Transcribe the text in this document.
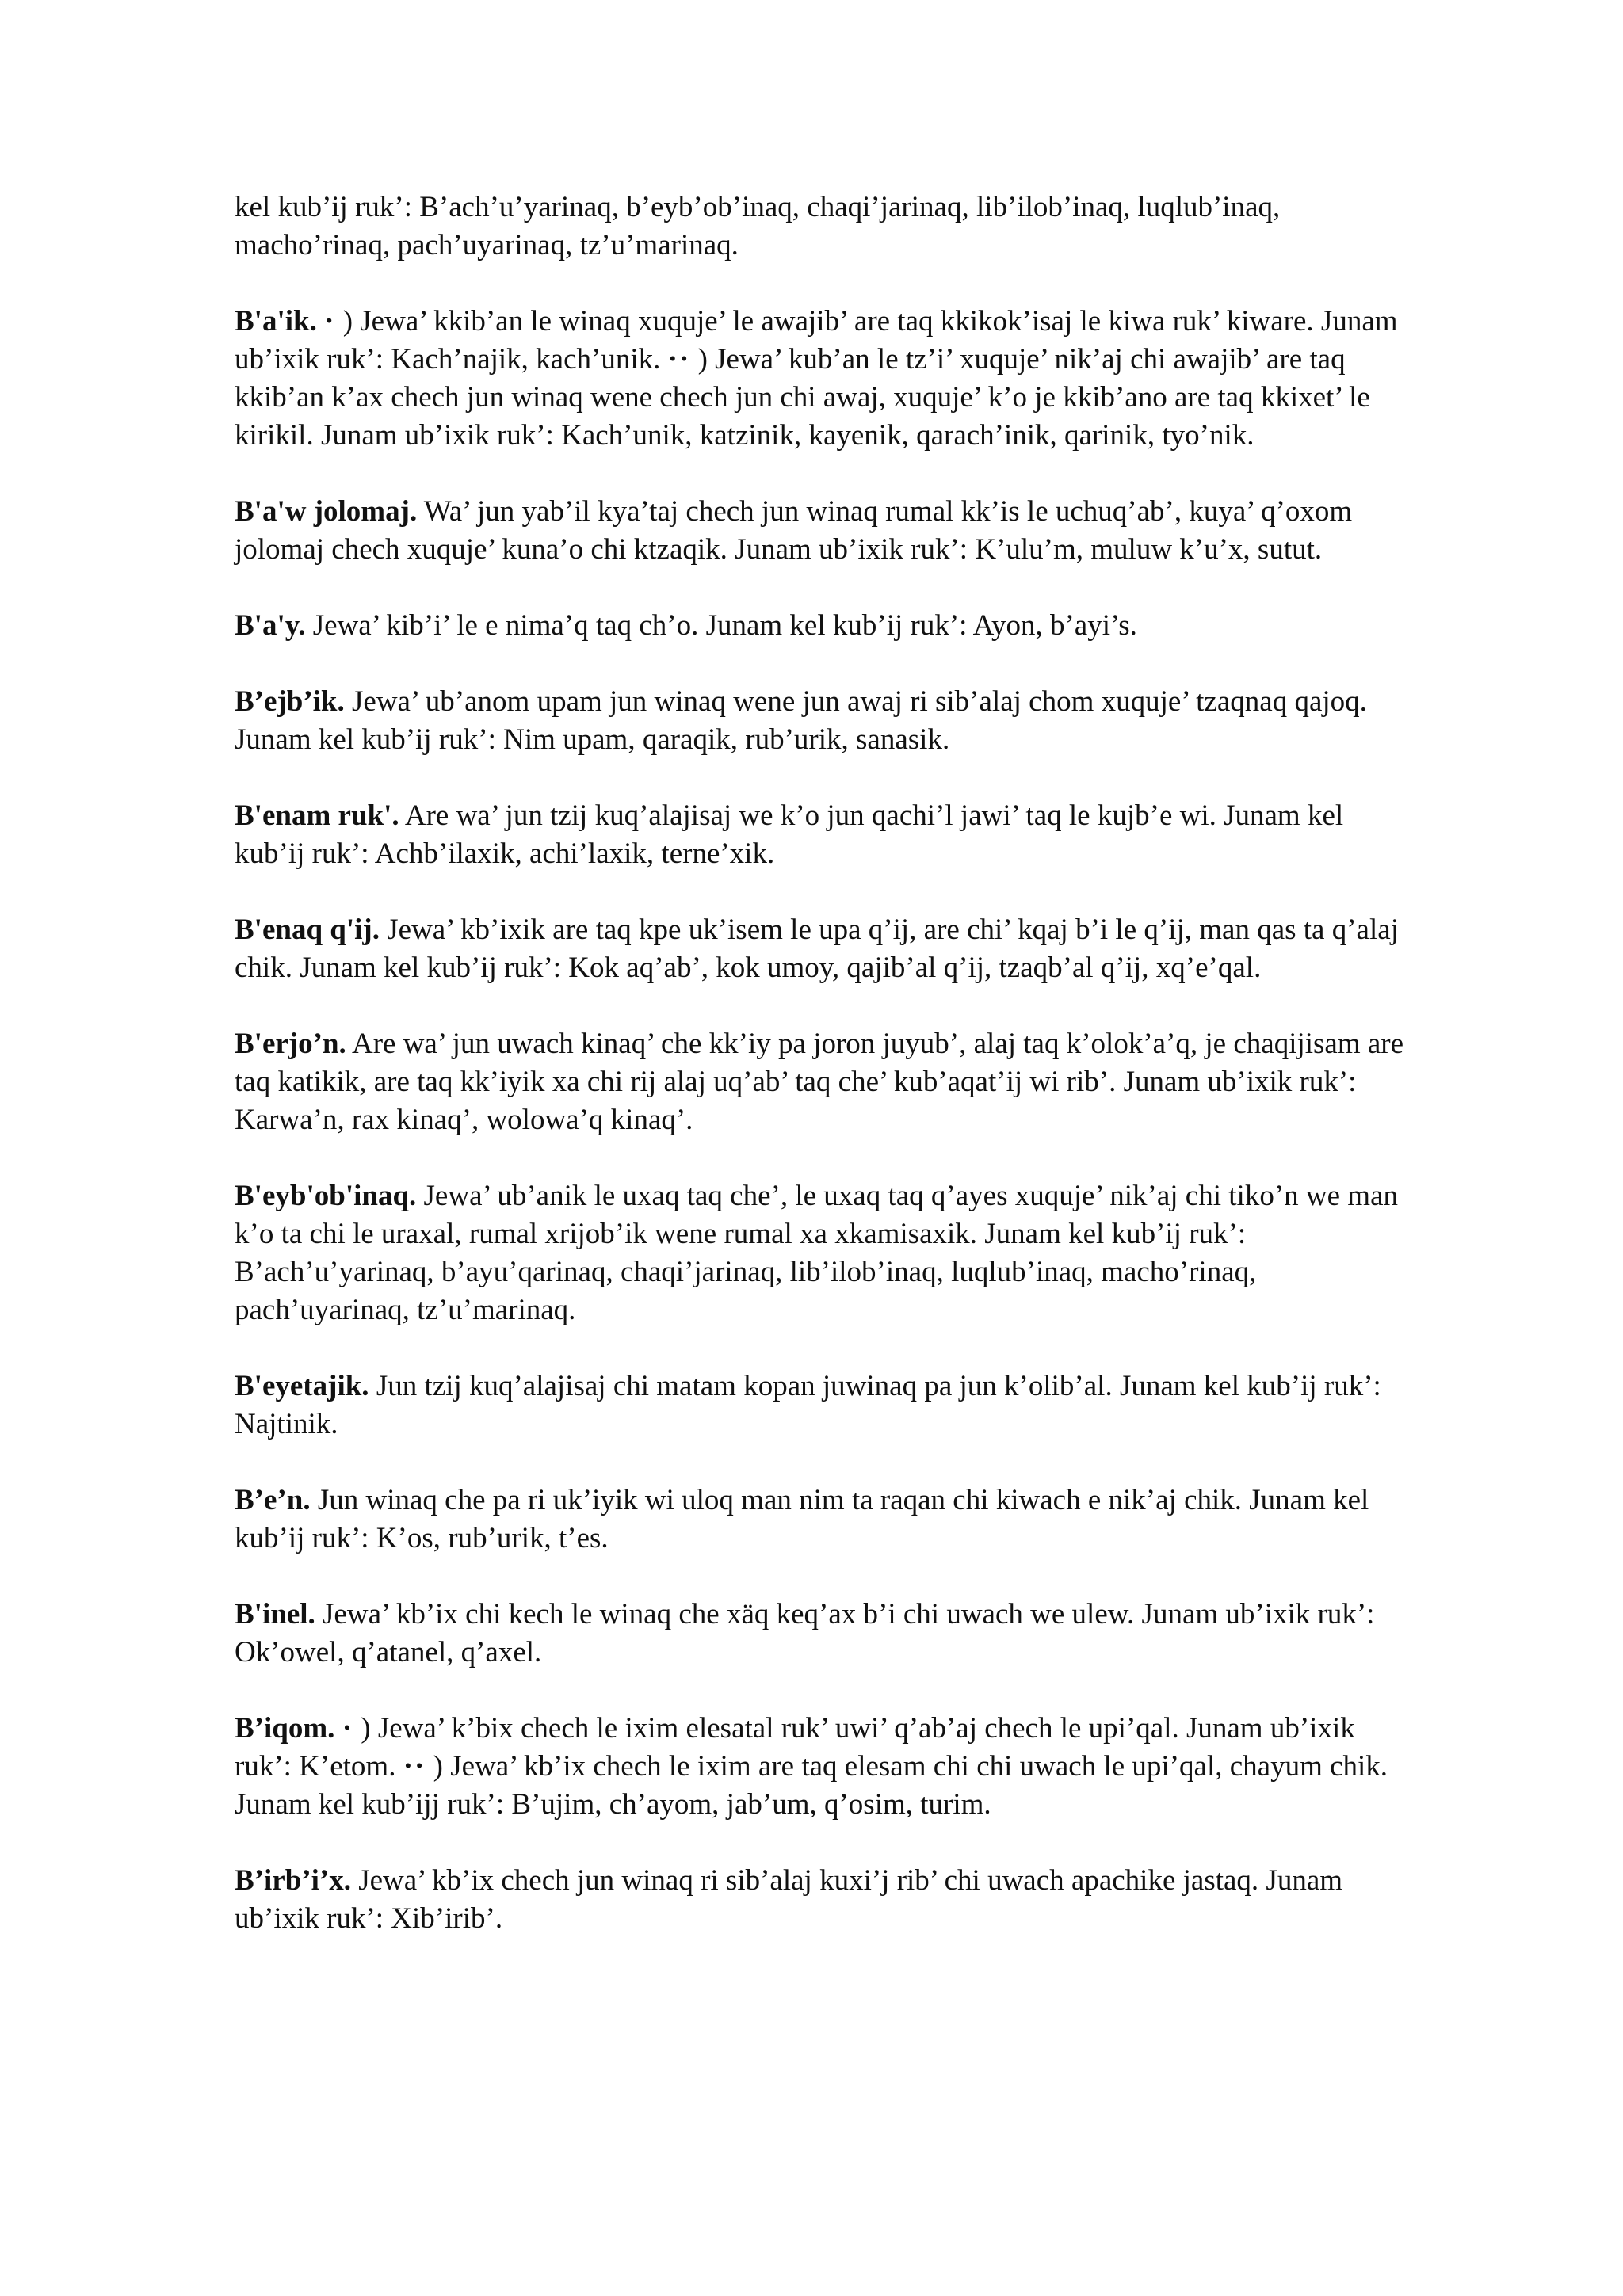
kel kub’ij ruk’: B’ach’u’yarinaq, b’eyb’ob’inaq, chaqi’jarinaq, lib’ilob’inaq, luqlub’inaq, macho’rinaq, pach’uyarinaq, tz’u’marinaq.

B'a'ik. · ) Jewa’ kkib’an le winaq xuquje’ le awajib’ are taq kkikok’isaj le kiwa ruk’ kiware. Junam ub’ixik ruk’: Kach’najik, kach’unik. ·· ) Jewa’ kub’an le tz’i’ xuquje’ nik’aj chi awajib’ are taq kkib’an k’ax chech jun winaq wene chech jun chi awaj, xuquje’ k’o je kkib’ano are taq kkixet’ le kirikil. Junam ub’ixik ruk’: Kach’unik, katzinik, kayenik, qarach’inik, qarinik, tyo’nik.

B'a'w jolomaj. Wa’ jun yab’il kya’taj chech jun winaq rumal kk’is le uchuq’ab’, kuya’ q’oxom jolomaj chech xuquje’ kuna’o chi ktzaqik. Junam ub’ixik ruk’: K’ulu’m, muluw k’u’x, sutut.

B'a'y. Jewa’ kib’i’ le e nima’q taq ch’o. Junam kel kub’ij ruk’: Ayon, b’ayi’s.

B’ejb’ik. Jewa’ ub’anom upam jun winaq wene jun awaj ri sib’alaj chom xuquje’ tzaqnaq qajoq. Junam kel kub’ij ruk’: Nim upam, qaraqik, rub’urik, sanasik.

B'enam ruk'. Are wa’ jun tzij kuq’alajisaj we k’o jun qachi’l jawi’ taq le kujb’e wi. Junam kel kub’ij ruk’: Achb’ilaxik, achi’laxik, terne’xik.

B'enaq q'ij. Jewa’ kb’ixik are taq kpe uk’isem le upa q’ij, are chi’ kqaj b’i le q’ij, man qas ta q’alaj chik. Junam kel kub’ij ruk’: Kok aq’ab’, kok umoy, qajib’al q’ij, tzaqb’al q’ij, xq’e’qal.

B'erjo’n. Are wa’ jun uwach kinaq’ che kk’iy pa joron juyub’, alaj taq k’olok’a’q, je chaqijisam are taq katikik, are taq kk’iyik xa chi rij alaj uq’ab’ taq che’ kub’aqat’ij wi rib’. Junam ub’ixik ruk’: Karwa’n, rax kinaq’, wolowa’q kinaq’.

B'eyb'ob'inaq. Jewa’ ub’anik le uxaq taq che’, le uxaq taq q’ayes xuquje’ nik’aj chi tiko’n we man k’o ta chi le uraxal, rumal xrijob’ik wene rumal xa xkamisaxik. Junam kel kub’ij ruk’: B’ach’u’yarinaq, b’ayu’qarinaq, chaqi’jarinaq, lib’ilob’inaq, luqlub’inaq, macho’rinaq, pach’uyarinaq, tz’u’marinaq.

B'eyetajik. Jun tzij kuq’alajisaj chi matam kopan juwinaq pa jun k’olib’al. Junam kel kub’ij ruk’: Najtinik.

B’e’n. Jun winaq che pa ri uk’iyik wi uloq man nim ta raqan chi kiwach e nik’aj chik. Junam kel kub’ij ruk’: K’os, rub’urik, t’es.

B'inel. Jewa’ kb’ix chi kech le winaq che xäq keq’ax b’i chi uwach we ulew. Junam ub’ixik ruk’: Ok’owel, q’atanel, q’axel.

B’iqom. · ) Jewa’ k’bix chech le ixim elesatal ruk’ uwi’ q’ab’aj chech le upi’qal. Junam ub’ixik ruk’: K’etom. ·· ) Jewa’ kb’ix chech le ixim are taq elesam chi chi uwach le upi’qal, chayum chik. Junam kel kub’ijj ruk’: B’ujim, ch’ayom, jab’um, q’osim, turim.

B’irb’i’x. Jewa’ kb’ix chech jun winaq ri sib’alaj kuxi’j rib’ chi uwach apachike jastaq. Junam ub’ixik ruk’: Xib’irib’.
